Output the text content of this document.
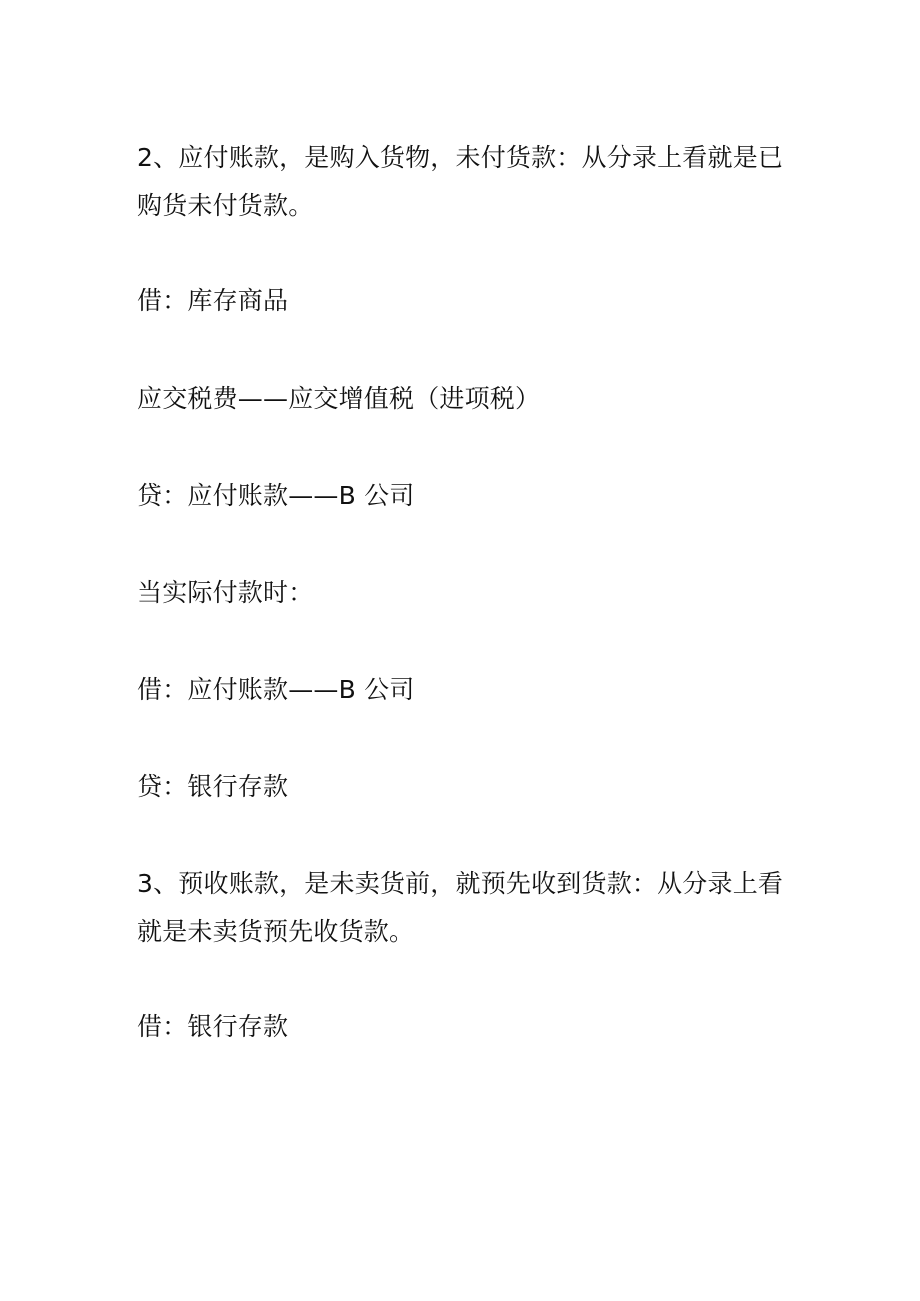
2、应付账款，是购入货物，未付货款：从分录上看就是已购货未付货款。
借：库存商品
应交税费——应交增值税（进项税）
贷：应付账款——B 公司
当实际付款时：
借：应付账款——B 公司
贷：银行存款
3、预收账款，是未卖货前，就预先收到货款：从分录上看就是未卖货预先收货款。
借：银行存款
